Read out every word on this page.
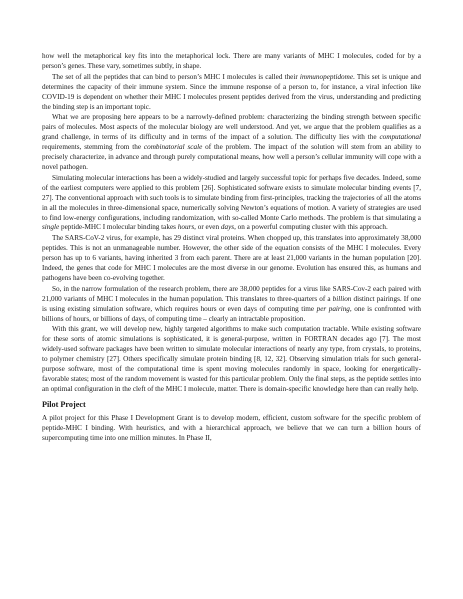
how well the metaphorical key fits into the metaphorical lock. There are many variants of MHC I molecules, coded for by a person’s genes. These vary, sometimes subtly, in shape.

The set of all the peptides that can bind to person’s MHC I molecules is called their immunopeptidome. This set is unique and determines the capacity of their immune system. Since the immune response of a person to, for instance, a viral infection like COVID-19 is dependent on whether their MHC I molecules present peptides derived from the virus, understanding and predicting the binding step is an important topic.

What we are proposing here appears to be a narrowly-defined problem: characterizing the binding strength between specific pairs of molecules. Most aspects of the molecular biology are well understood. And yet, we argue that the problem qualifies as a grand challenge, in terms of its difficulty and in terms of the impact of a solution. The difficulty lies with the computational requirements, stemming from the combinatorial scale of the problem. The impact of the solution will stem from an ability to precisely characterize, in advance and through purely computational means, how well a person’s cellular immunity will cope with a novel pathogen.

Simulating molecular interactions has been a widely-studied and largely successful topic for perhaps five decades. Indeed, some of the earliest computers were applied to this problem [26]. Sophisticated software exists to simulate molecular binding events [7, 27]. The conventional approach with such tools is to simulate binding from first-principles, tracking the trajectories of all the atoms in all the molecules in three-dimensional space, numerically solving Newton’s equations of motion. A variety of strategies are used to find low-energy configurations, including randomization, with so-called Monte Carlo methods. The problem is that simulating a single peptide-MHC I molecular binding takes hours, or even days, on a powerful computing cluster with this approach.

The SARS-CoV-2 virus, for example, has 29 distinct viral proteins. When chopped up, this translates into approximately 38,000 peptides. This is not an unmanageable number. However, the other side of the equation consists of the MHC I molecules. Every person has up to 6 variants, having inherited 3 from each parent. There are at least 21,000 variants in the human population [20]. Indeed, the genes that code for MHC I molecules are the most diverse in our genome. Evolution has ensured this, as humans and pathogens have been co-evolving together.

So, in the narrow formulation of the research problem, there are 38,000 peptides for a virus like SARS-Cov-2 each paired with 21,000 variants of MHC I molecules in the human population. This translates to three-quarters of a billion distinct pairings. If one is using existing simulation software, which requires hours or even days of computing time per pairing, one is confronted with billions of hours, or billions of days, of computing time – clearly an intractable proposition.

With this grant, we will develop new, highly targeted algorithms to make such computation tractable. While existing software for these sorts of atomic simulations is sophisticated, it is general-purpose, written in FORTRAN decades ago [7]. The most widely-used software packages have been written to simulate molecular interactions of nearly any type, from crystals, to proteins, to polymer chemistry [27]. Others specifically simulate protein binding [8, 12, 32]. Observing simulation trials for such general-purpose software, most of the computational time is spent moving molecules randomly in space, looking for energetically-favorable states; most of the random movement is wasted for this particular problem. Only the final steps, as the peptide settles into an optimal configuration in the cleft of the MHC I molecule, matter. There is domain-specific knowledge here than can really help.

Pilot Project

A pilot project for this Phase I Development Grant is to develop modern, efficient, custom software for the specific problem of peptide-MHC I binding. With heuristics, and with a hierarchical approach, we believe that we can turn a billion hours of supercomputing time into one million minutes. In Phase II,
